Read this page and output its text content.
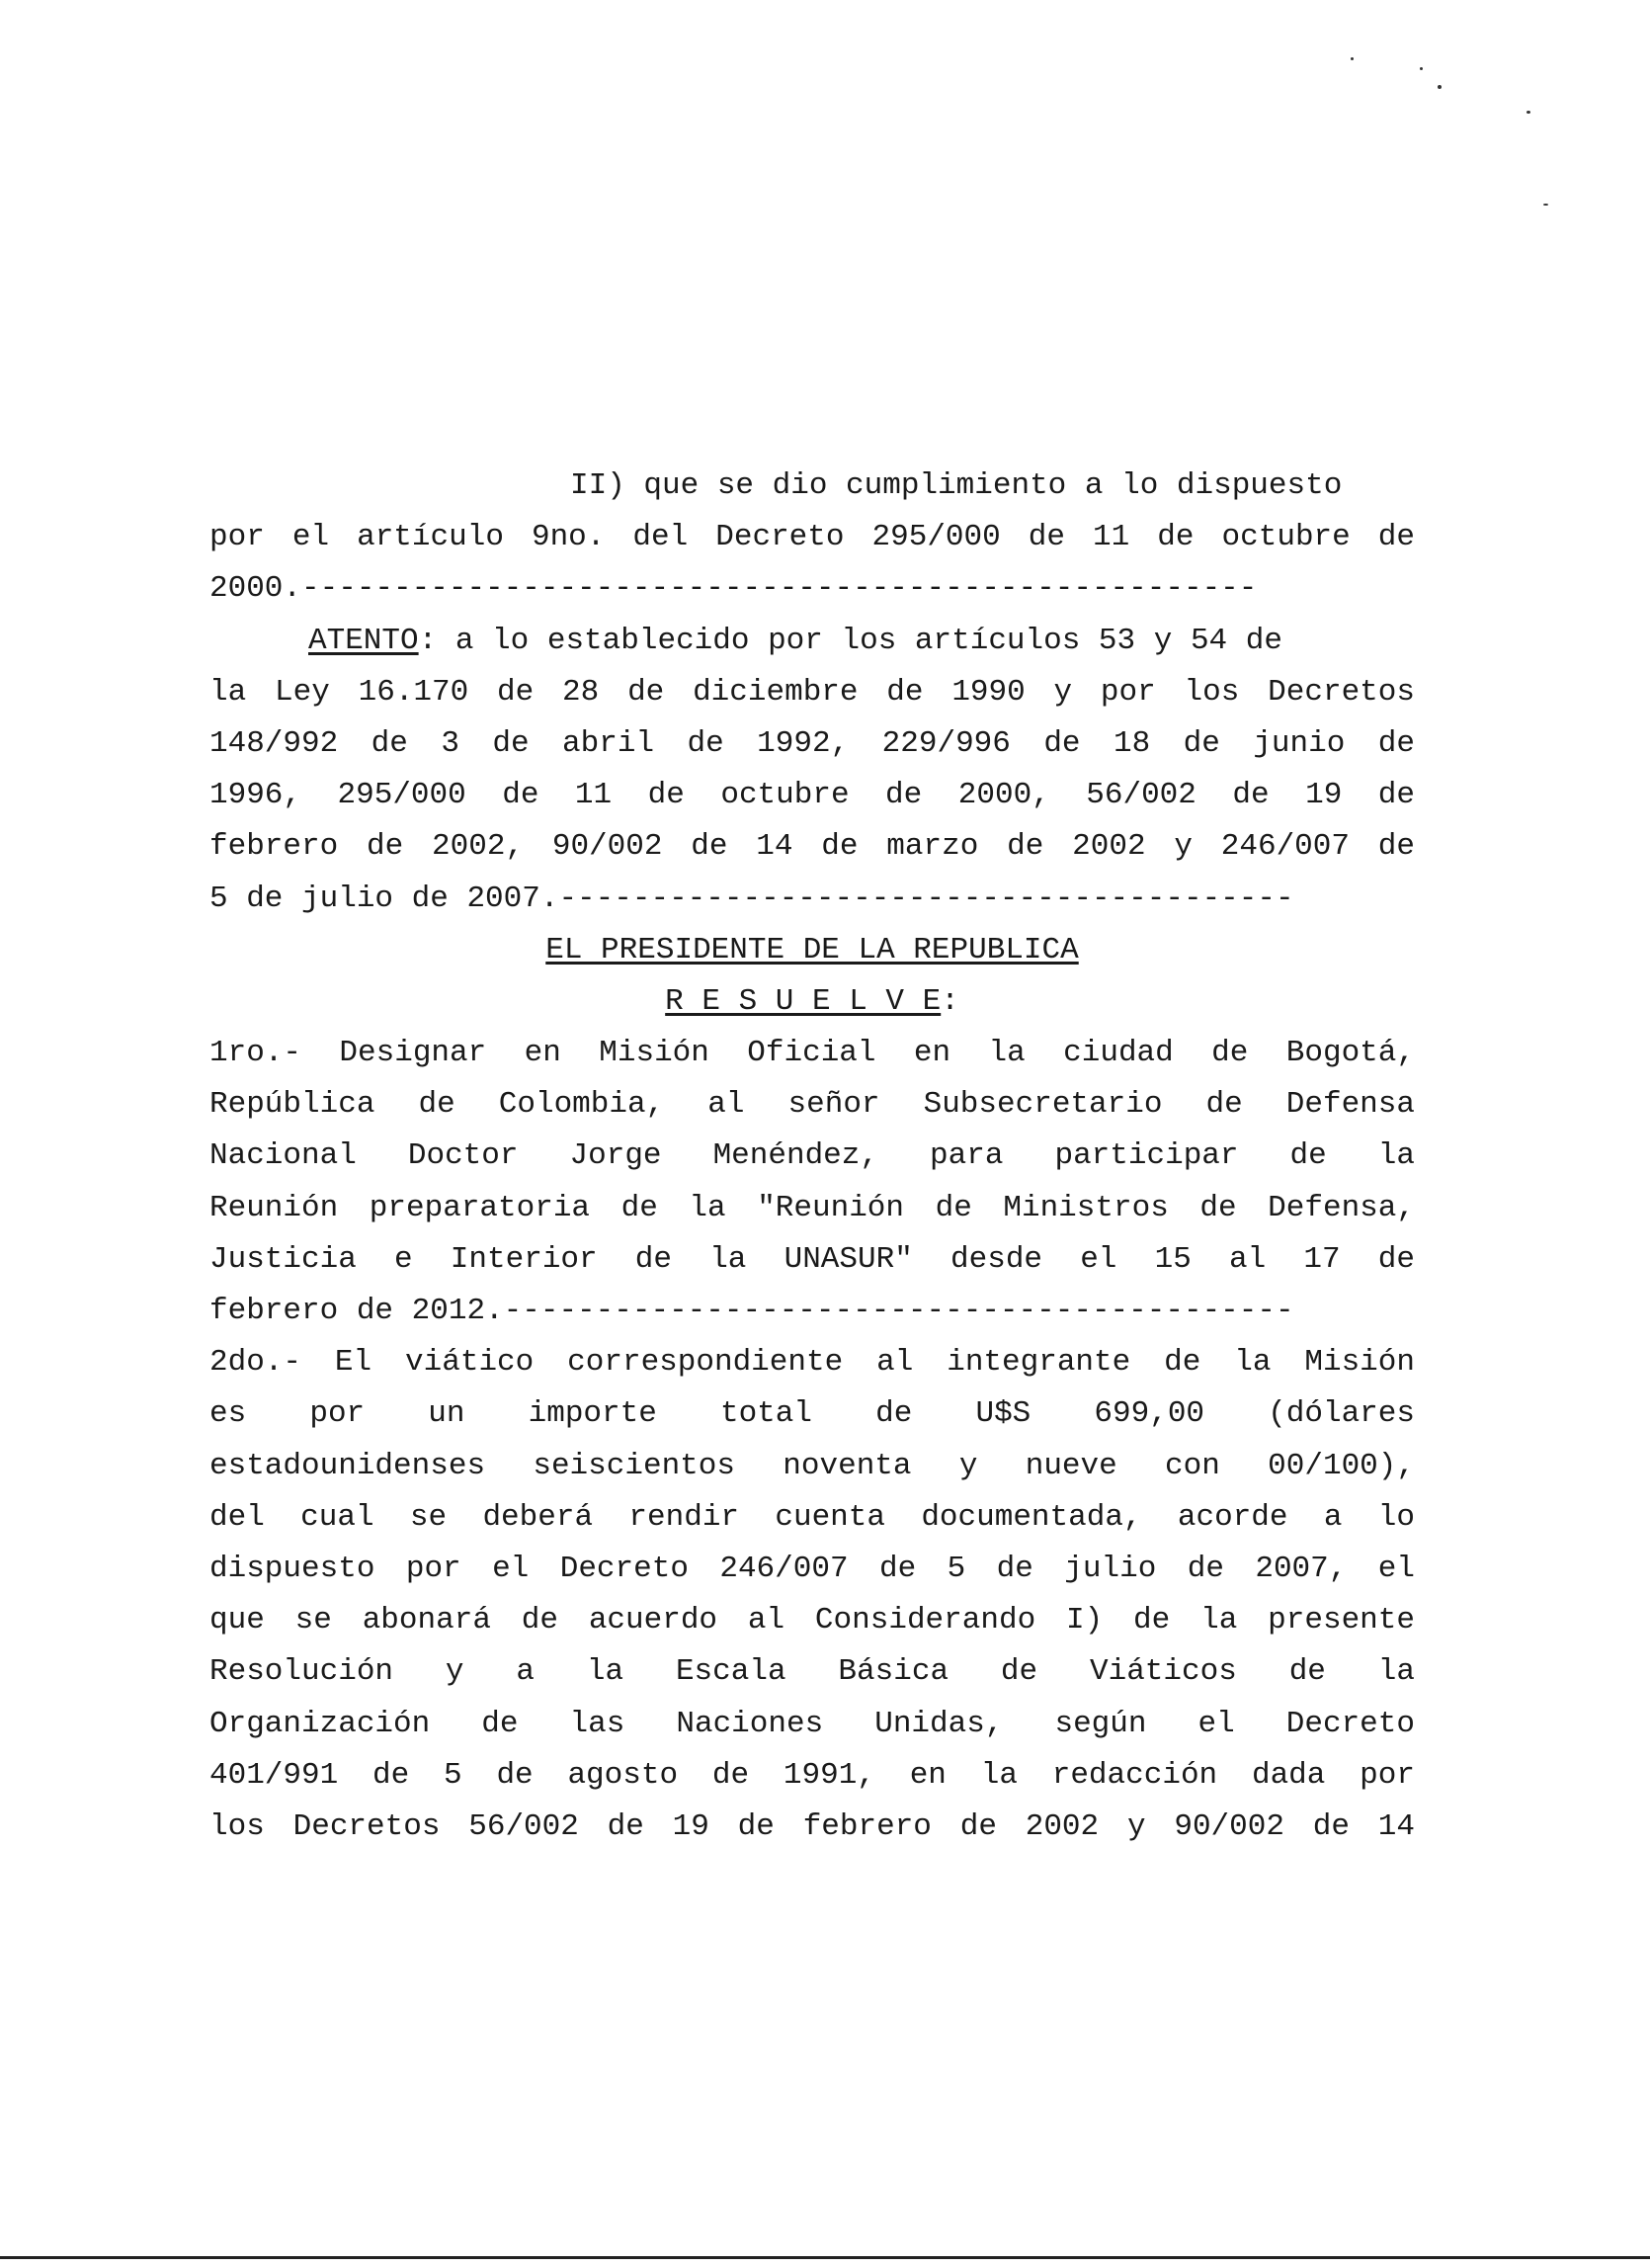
II) que se dio cumplimiento a lo dispuesto
por el artículo 9no. del Decreto 295/000 de 11 de octubre de
2000.----------------------------------------------------
ATENTO: a lo establecido por los artículos 53 y 54 de
la Ley 16.170 de 28 de diciembre de 1990 y por los Decretos
148/992 de 3 de abril de 1992, 229/996 de 18 de junio de
1996, 295/000 de 11 de octubre de 2000, 56/002 de 19 de
febrero de 2002, 90/002 de 14 de marzo de 2002 y 246/007 de
5 de julio de 2007.----------------------------------------
EL PRESIDENTE DE LA REPUBLICA
R E S U E L V E:
1ro.- Designar en Misión Oficial en la ciudad de Bogotá,
República de Colombia, al señor Subsecretario de Defensa
Nacional Doctor Jorge Menéndez, para participar de la
Reunión preparatoria de la "Reunión de Ministros de Defensa,
Justicia e Interior de la UNASUR" desde el 15 al 17 de
febrero de 2012.-------------------------------------------
2do.- El viático correspondiente al integrante de la Misión
es por un importe total de U$S 699,00 (dólares
estadounidenses seiscientos noventa y nueve con 00/100),
del cual se deberá rendir cuenta documentada, acorde a lo
dispuesto por el Decreto 246/007 de 5 de julio de 2007, el
que se abonará de acuerdo al Considerando I) de la presente
Resolución y a la Escala Básica de Viáticos de la
Organización de las Naciones Unidas, según el Decreto
401/991 de 5 de agosto de 1991, en la redacción dada por
los Decretos 56/002 de 19 de febrero de 2002 y 90/002 de 14
